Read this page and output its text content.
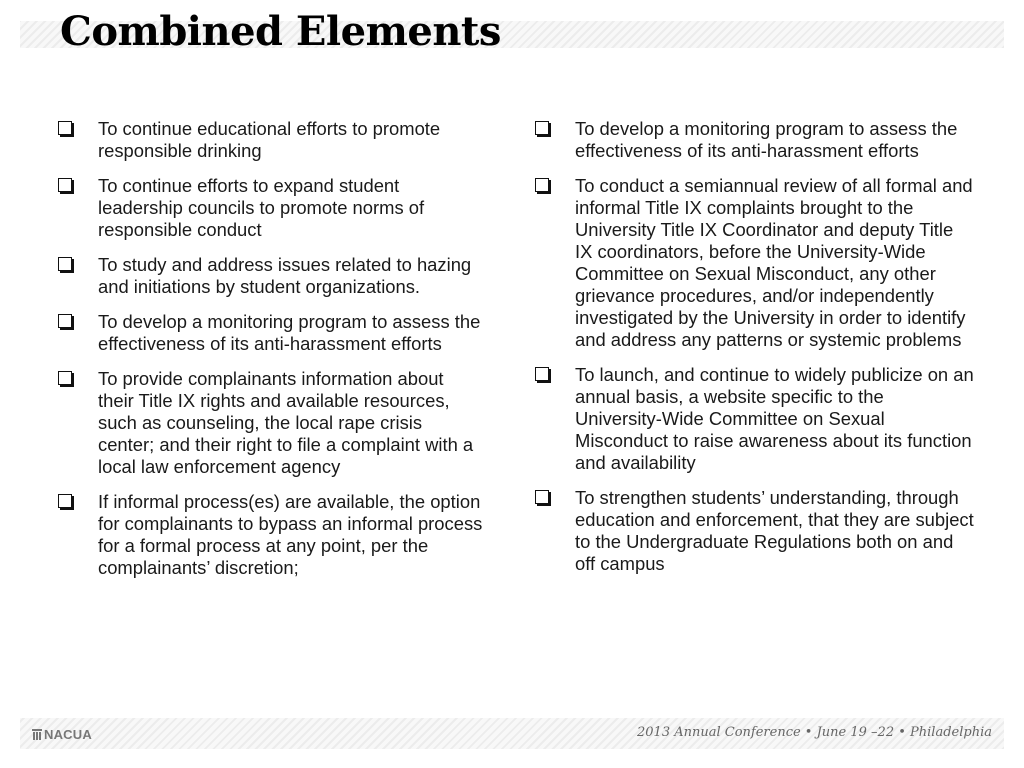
Combined Elements
To continue educational efforts to promote responsible drinking
To continue efforts to expand student leadership councils to promote norms of responsible conduct
To study and address issues related to hazing and initiations by student organizations.
To develop a monitoring program to assess the effectiveness of its anti-harassment efforts
To provide complainants information about their Title IX rights and available resources, such as counseling, the local rape crisis center; and their right to file a complaint with a local law enforcement agency
If informal process(es) are available, the option for complainants to bypass an informal process for a formal process at any point, per the complainants’ discretion;
To develop a monitoring program to assess the effectiveness of its anti-harassment efforts
To conduct a semiannual review of all formal and informal Title IX complaints brought to the University Title IX Coordinator and deputy Title IX coordinators, before the University-Wide Committee on Sexual Misconduct, any other grievance procedures, and/or independently investigated by the University in order to identify and address any patterns or systemic problems
To launch, and continue to widely publicize on an annual basis, a website specific to the University-Wide Committee on Sexual Misconduct to raise awareness about its function and availability
To strengthen students’ understanding, through education and enforcement, that they are subject to the Undergraduate Regulations both on and off campus
NACUA	2013 Annual Conference • June 19 –22 • Philadelphia
